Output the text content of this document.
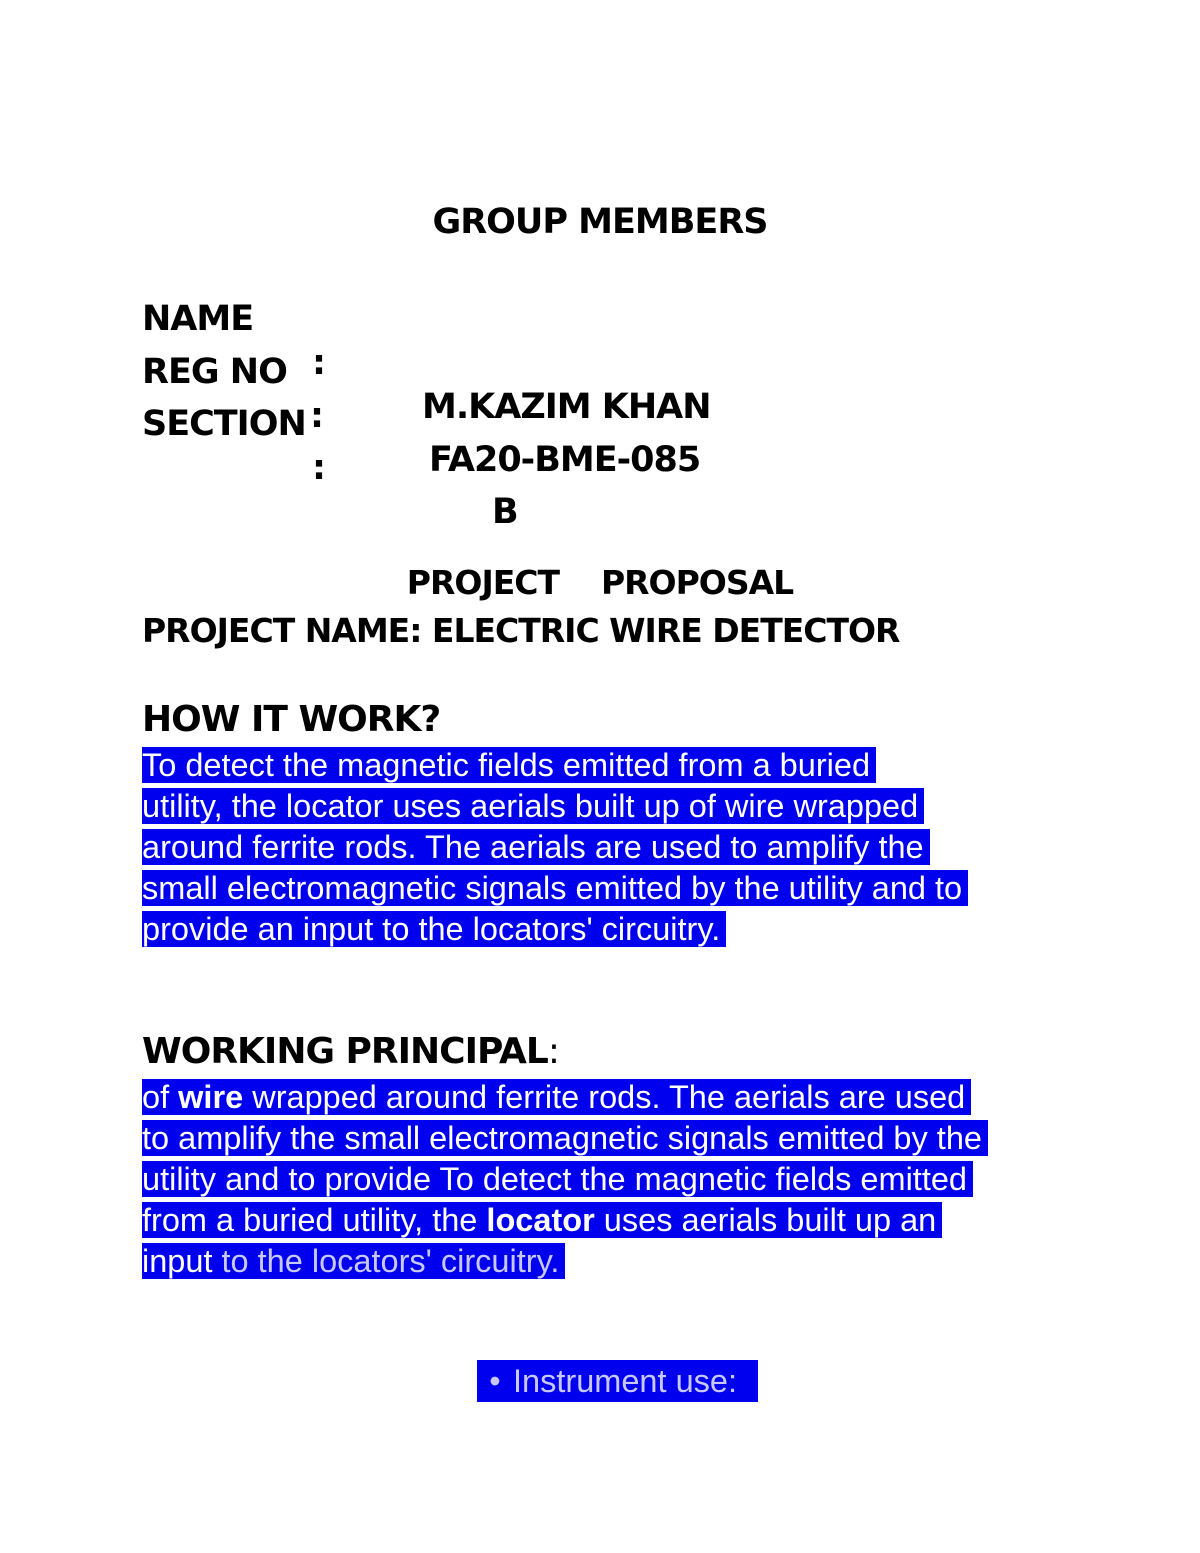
GROUP MEMBERS

NAME

:

M.KAZIM KHAN

REG NO

:

FA20-BME-085

SECTION

:

B

PROJECT    PROPOSAL
PROJECT NAME: ELECTRIC WIRE DETECTOR
HOW IT WORK?
To detect the magnetic fields emitted from a buried
utility, the locator uses aerials built up of wire wrapped
around ferrite rods. The aerials are used to amplify the
small electromagnetic signals emitted by the utility and to
provide an input to the locators' circuitry.
WORKING PRINCIPAL:
of wire wrapped around ferrite rods. The aerials are used
to amplify the small electromagnetic signals emitted by the
utility and to provide To detect the magnetic fields emitted
from a buried utility, the locator uses aerials built up an
input to the locators' circuitry.

•

Instrument use:
